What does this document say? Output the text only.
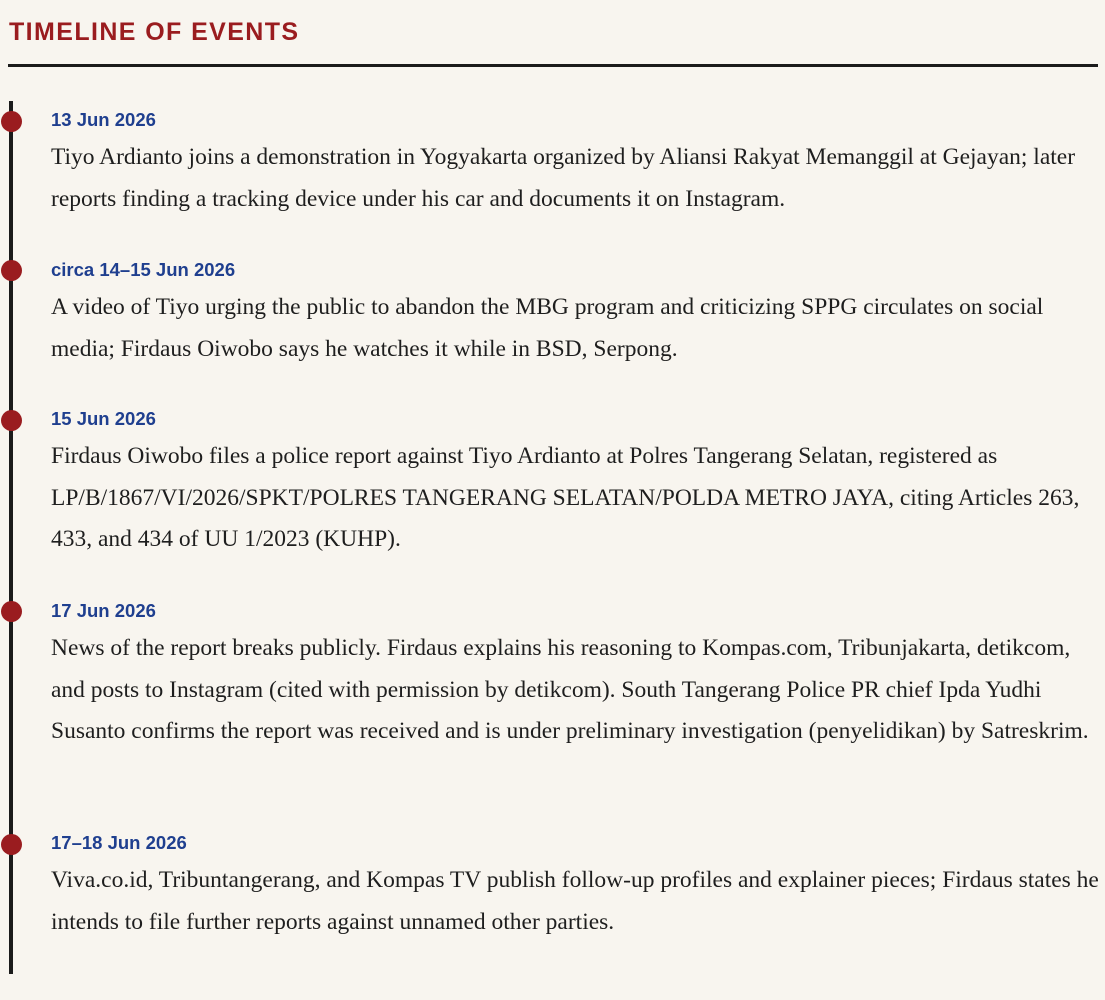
TIMELINE OF EVENTS
13 Jun 2026

Tiyo Ardianto joins a demonstration in Yogyakarta organized by Aliansi Rakyat Memanggil at Gejayan; later reports finding a tracking device under his car and documents it on Instagram.

circa 14–15 Jun 2026

A video of Tiyo urging the public to abandon the MBG program and criticizing SPPG circulates on social media; Firdaus Oiwobo says he watches it while in BSD, Serpong.

15 Jun 2026

Firdaus Oiwobo files a police report against Tiyo Ardianto at Polres Tangerang Selatan, registered as LP/B/1867/VI/2026/SPKT/POLRES TANGERANG SELATAN/POLDA METRO JAYA, citing Articles 263, 433, and 434 of UU 1/2023 (KUHP).

17 Jun 2026

News of the report breaks publicly. Firdaus explains his reasoning to Kompas.com, Tribunjakarta, detikcom, and posts to Instagram (cited with permission by detikcom). South Tangerang Police PR chief Ipda Yudhi Susanto confirms the report was received and is under preliminary investigation (penyelidikan) by Satreskrim.

17–18 Jun 2026

Viva.co.id, Tribuntangerang, and Kompas TV publish follow-up profiles and explainer pieces; Firdaus states he intends to file further reports against unnamed other parties.
